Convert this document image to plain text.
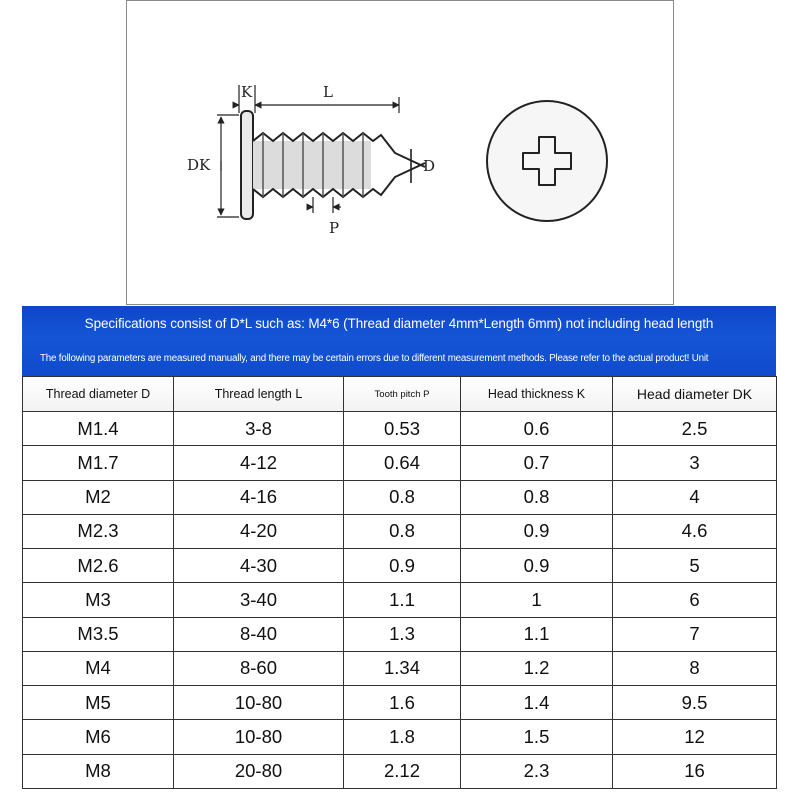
K	L
DK	D
P
Specifications consist of D*L such as: M4*6 (Thread diameter 4mm*Length 6mm) not including head length
The following parameters are measured manually, and there may be certain errors due to different measurement methods. Please refer to the actual product! Unit
Thread diameter D	Thread length L	Tooth pitch P	Head thickness K	Head diameter DK
M1.4	3-8	0.53	0.6	2.5
M1.7	4-12	0.64	0.7	3
M2	4-16	0.8	0.8	4
M2.3	4-20	0.8	0.9	4.6
M2.6	4-30	0.9	0.9	5
M3	3-40	1.1	1	6
M3.5	8-40	1.3	1.1	7
M4	8-60	1.34	1.2	8
M5	10-80	1.6	1.4	9.5
M6	10-80	1.8	1.5	12
M8	20-80	2.12	2.3	16
